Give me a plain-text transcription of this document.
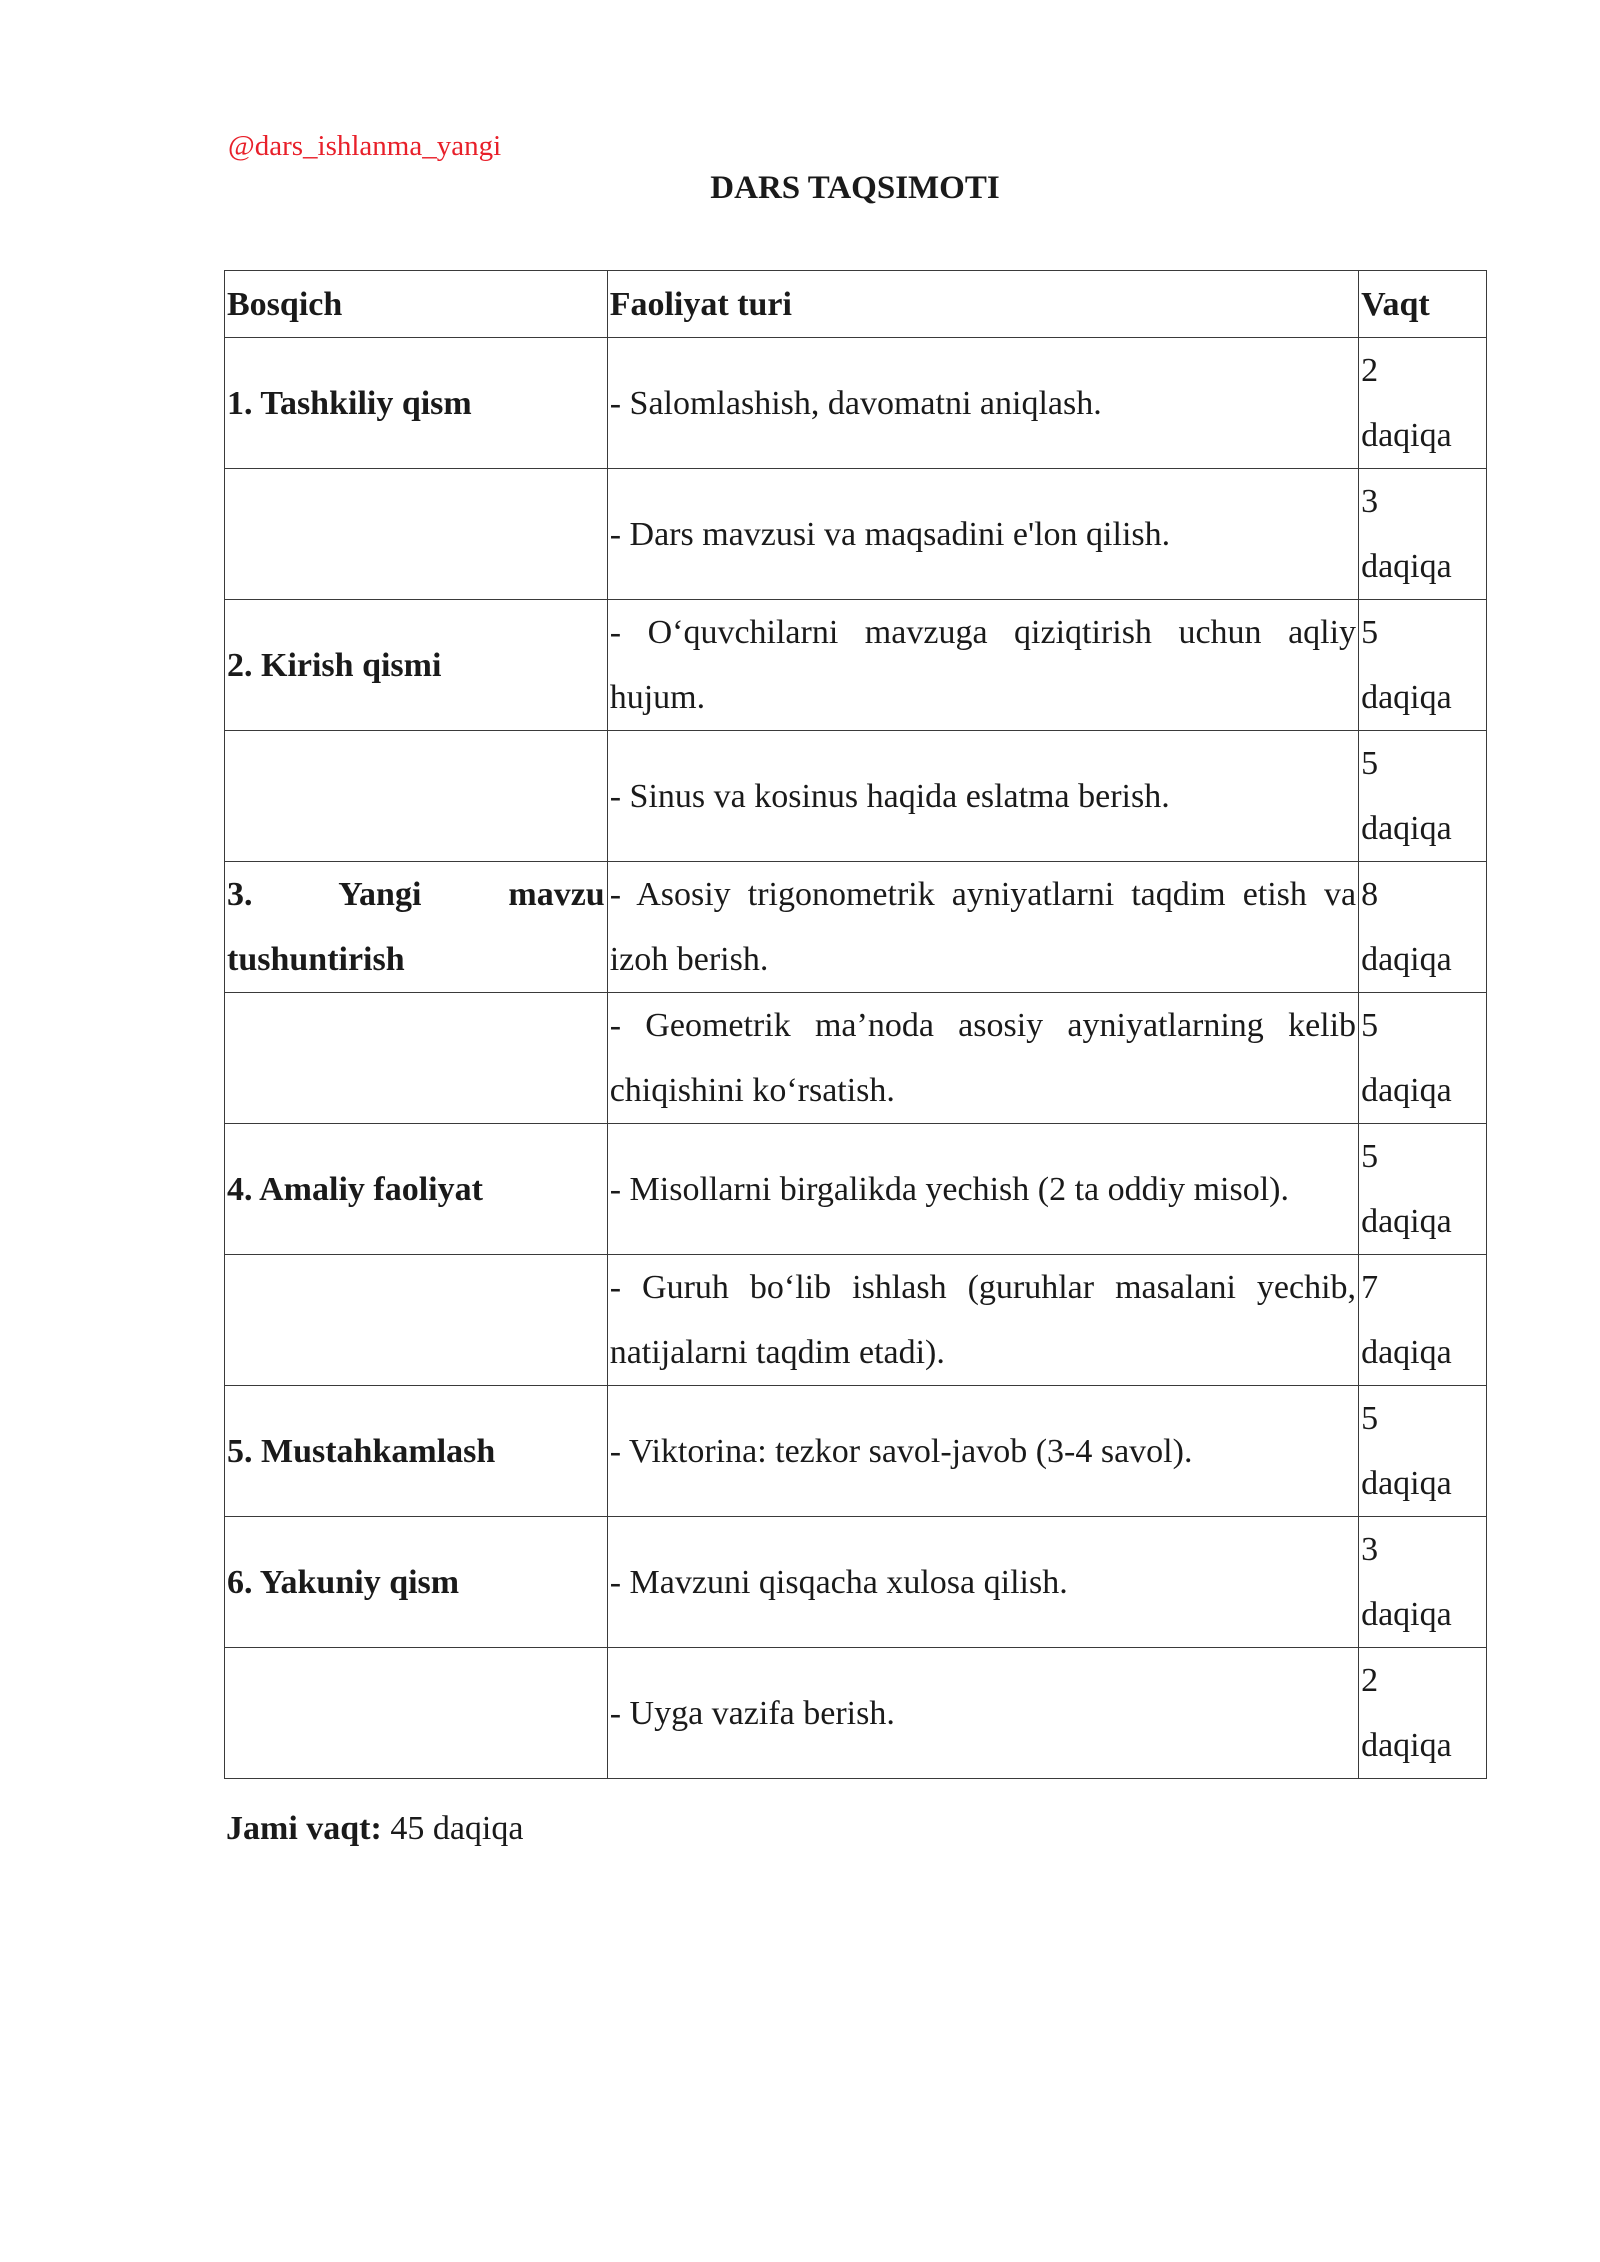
@dars_ishlanma_yangi
DARS TAQSIMOTI
Bosqich	Faoliyat turi	Vaqt
1. Tashkiliy qism	- Salomlashish, davomatni aniqlash.	2
daqiqa

	- Dars mavzusi va maqsadini e'lon qilish.	3
daqiqa

2. Kirish qismi	- O‘quvchilarni mavzuga qiziqtirish uchun aqliy hujum.	5
daqiqa

	- Sinus va kosinus haqida eslatma berish.	5
daqiqa

3. Yangi mavzu tushuntirish	- Asosiy trigonometrik ayniyatlarni taqdim etish va izoh berish.	8
daqiqa

	- Geometrik ma’noda asosiy ayniyatlarning kelib chiqishini ko‘rsatish.	5
daqiqa

4. Amaliy faoliyat	- Misollarni birgalikda yechish (2 ta oddiy misol).	5
daqiqa

	- Guruh bo‘lib ishlash (guruhlar masalani yechib, natijalarni taqdim etadi).	7
daqiqa

5. Mustahkamlash	- Viktorina: tezkor savol-javob (3-4 savol).	5
daqiqa

6. Yakuniy qism	- Mavzuni qisqacha xulosa qilish.	3
daqiqa

	- Uyga vazifa berish.	2
daqiqa
Jami vaqt: 45 daqiqa
